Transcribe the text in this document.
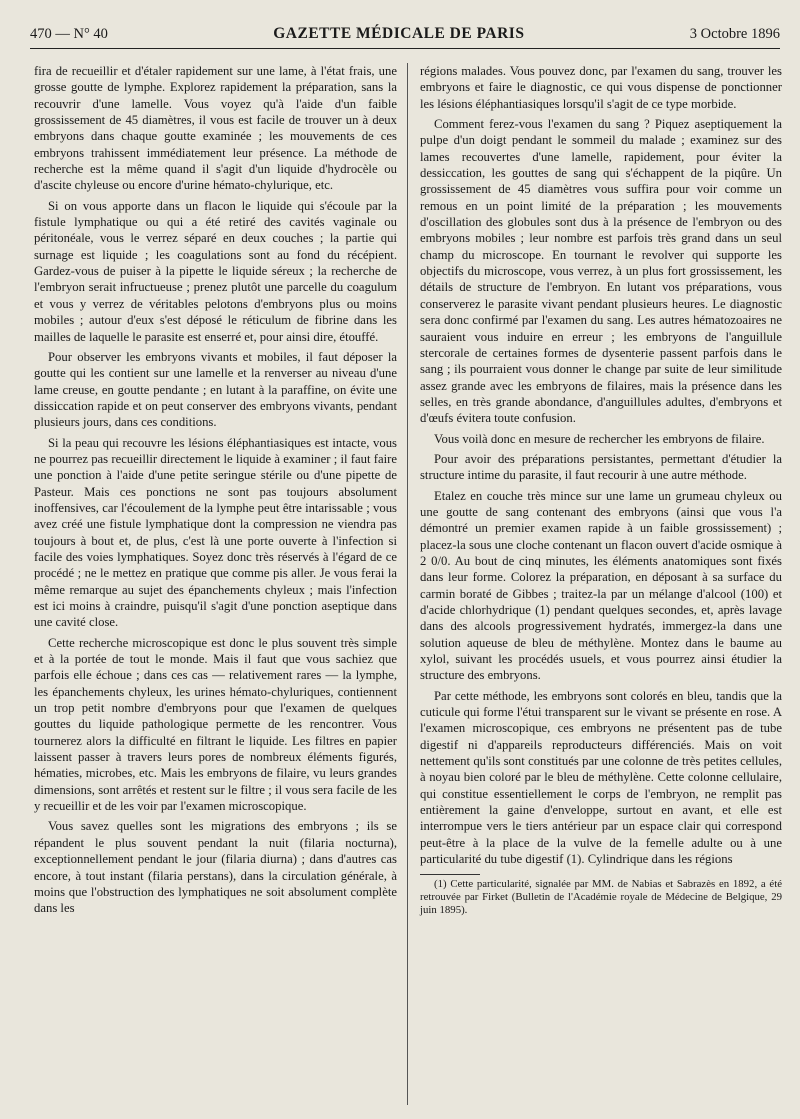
470 — N° 40	GAZETTE MÉDICALE DE PARIS	3 Octobre 1896

fira de recueillir et d'étaler rapidement sur une lame, à l'état frais, une grosse goutte de lymphe. Explorez rapidement la préparation, sans la recouvrir d'une lamelle. Vous voyez qu'à l'aide d'un faible grossissement de 45 diamètres, il vous est facile de trouver un à deux embryons dans chaque goutte examinée ; les mouvements de ces embryons trahissent immédiatement leur présence. La méthode de recherche est la même quand il s'agit d'un liquide d'hydrocèle ou d'ascite chyleuse ou encore d'urine hémato-chylurique, etc.

Si on vous apporte dans un flacon le liquide qui s'écoule par la fistule lymphatique ou qui a été retiré des cavités vaginale ou péritonéale, vous le verrez séparé en deux couches ; la partie qui surnage est liquide ; les coagulations sont au fond du récépient. Gardez-vous de puiser à la pipette le liquide séreux ; la recherche de l'embryon serait infructueuse ; prenez plutôt une parcelle du coagulum et vous y verrez de véritables pelotons d'embryons plus ou moins mobiles ; autour d'eux s'est déposé le réticulum de fibrine dans les mailles de laquelle le parasite est enserré et, pour ainsi dire, étouffé.

Pour observer les embryons vivants et mobiles, il faut déposer la goutte qui les contient sur une lamelle et la renverser au niveau d'une lame creuse, en goutte pendante ; en lutant à la paraffine, on évite une dissiccation rapide et on peut conserver des embryons vivants, pendant plusieurs jours, dans ces conditions.

Si la peau qui recouvre les lésions éléphantiasiques est intacte, vous ne pourrez pas recueillir directement le liquide à examiner ; il faut faire une ponction à l'aide d'une petite seringue stérile ou d'une pipette de Pasteur. Mais ces ponctions ne sont pas toujours absolument inoffensives, car l'écoulement de la lymphe peut être intarissable ; vous avez créé une fistule lymphatique dont la compression ne viendra pas toujours à bout et, de plus, c'est là une porte ouverte à l'infection si facile des voies lymphatiques. Soyez donc très réservés à l'égard de ce procédé ; ne le mettez en pratique que comme pis aller. Je vous ferai la même remarque au sujet des épanchements chyleux ; mais l'infection est ici moins à craindre, puisqu'il s'agit d'une ponction aseptique dans une cavité close.

Cette recherche microscopique est donc le plus souvent très simple et à la portée de tout le monde. Mais il faut que vous sachiez que parfois elle échoue ; dans ces cas — relativement rares — la lymphe, les épanchements chyleux, les urines hémato-chyluriques, contiennent un trop petit nombre d'embryons pour que l'examen de quelques gouttes du liquide pathologique permette de les rencontrer. Vous tournerez alors la difficulté en filtrant le liquide. Les filtres en papier laissent passer à travers leurs pores de nombreux éléments figurés, hématies, microbes, etc. Mais les embryons de filaire, vu leurs grandes dimensions, sont arrêtés et restent sur le filtre ; il vous sera facile de les y recueillir et de les voir par l'examen microscopique.

Vous savez quelles sont les migrations des embryons ; ils se répandent le plus souvent pendant la nuit (filaria nocturna), exceptionnellement pendant le jour (filaria diurna) ; dans d'autres cas encore, à tout instant (filaria perstans), dans la circulation générale, à moins que l'obstruction des lymphatiques ne soit absolument complète dans les

régions malades. Vous pouvez donc, par l'examen du sang, trouver les embryons et faire le diagnostic, ce qui vous dispense de ponctionner les lésions éléphantiasiques lorsqu'il s'agit de ce type morbide.

Comment ferez-vous l'examen du sang ? Piquez aseptiquement la pulpe d'un doigt pendant le sommeil du malade ; examinez sur des lames recouvertes d'une lamelle, rapidement, pour éviter la dessiccation, les gouttes de sang qui s'échappent de la piqûre. Un grossissement de 45 diamètres vous suffira pour voir comme un remous en un point limité de la préparation ; les mouvements d'oscillation des globules sont dus à la présence de l'embryon ou des embryons mobiles ; leur nombre est parfois très grand dans un seul champ du microscope. En tournant le revolver qui supporte les objectifs du microscope, vous verrez, à un plus fort grossissement, les détails de structure de l'embryon. En lutant vos préparations, vous conserverez le parasite vivant pendant plusieurs heures. Le diagnostic sera donc confirmé par l'examen du sang. Les autres hématozoaires ne sauraient vous induire en erreur ; les embryons de l'anguillule stercorale de certaines formes de dysenterie passent parfois dans le sang ; ils pourraient vous donner le change par suite de leur similitude assez grande avec les embryons de filaires, mais la présence dans les selles, en très grande abondance, d'anguillules adultes, d'embryons et d'œufs évitera toute confusion.

Vous voilà donc en mesure de rechercher les embryons de filaire.

Pour avoir des préparations persistantes, permettant d'étudier la structure intime du parasite, il faut recourir à une autre méthode.

Etalez en couche très mince sur une lame un grumeau chyleux ou une goutte de sang contenant des embryons (ainsi que vous l'a démontré un premier examen rapide à un faible grossissement) ; placez-la sous une cloche contenant un flacon ouvert d'acide osmique à 2 0/0. Au bout de cinq minutes, les éléments anatomiques sont fixés dans leur forme. Colorez la préparation, en déposant à sa surface du carmin boraté de Gibbes ; traitez-la par un mélange d'alcool (100) et d'acide chlorhydrique (1) pendant quelques secondes, et, après lavage dans des alcools progressivement hydratés, immergez-la dans une solution aqueuse de bleu de méthylène. Montez dans le baume au xylol, suivant les procédés usuels, et vous pourrez ainsi étudier la structure des embryons.

Par cette méthode, les embryons sont colorés en bleu, tandis que la cuticule qui forme l'étui transparent sur le vivant se présente en rose. A l'examen microscopique, ces embryons ne présentent pas de tube digestif ni d'appareils reproducteurs différenciés. Mais on voit nettement qu'ils sont constitués par une colonne de très petites cellules, à noyau bien coloré par le bleu de méthylène. Cette colonne cellulaire, qui constitue essentiellement le corps de l'embryon, ne remplit pas entièrement la gaine d'enveloppe, surtout en avant, et elle est interrompue vers le tiers antérieur par un espace clair qui correspond peut-être à la place de la vulve de la femelle adulte ou à une particularité du tube digestif (1). Cylindrique dans les régions

(1) Cette particularité, signalée par MM. de Nabias et Sabrazès en 1892, a été retrouvée par Firket (Bulletin de l'Académie royale de Médecine de Belgique, 29 juin 1895).
